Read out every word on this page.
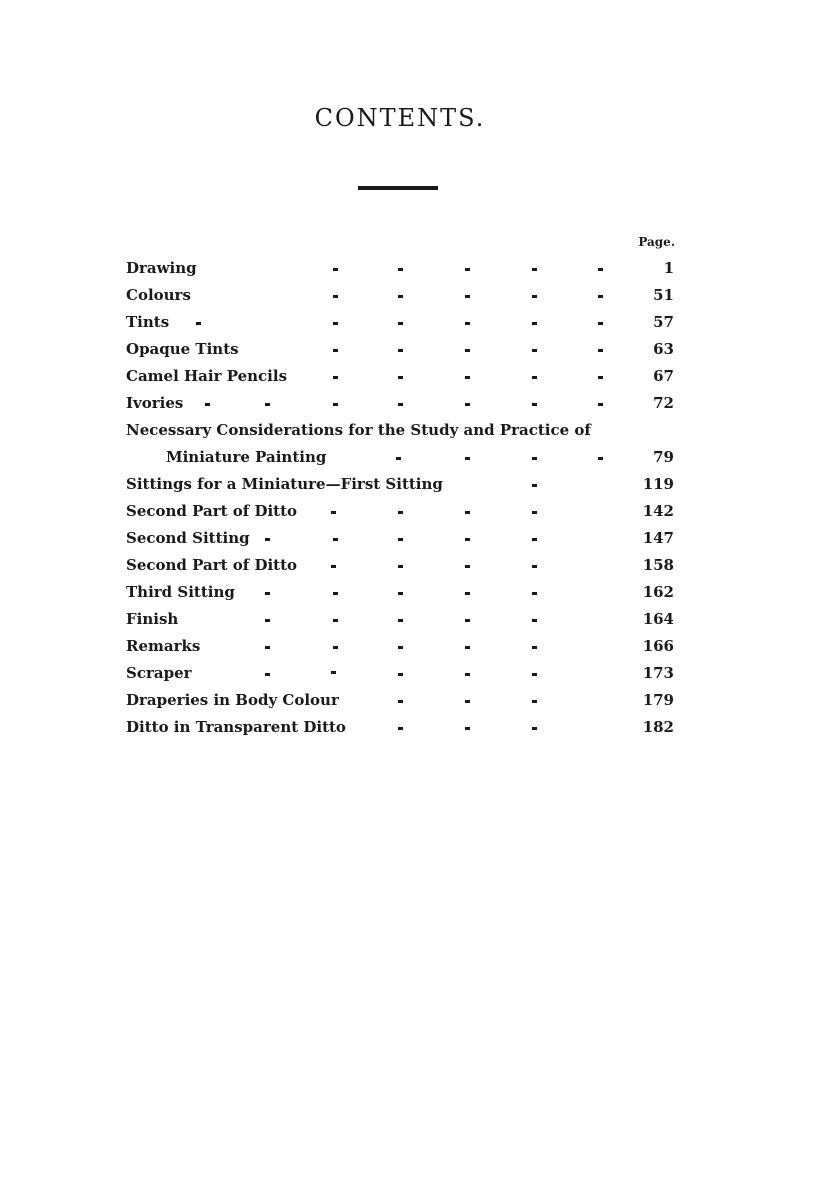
CONTENTS.
Page.
Drawing	1
Colours	51
Tints	57
Opaque Tints	63
Camel Hair Pencils	67
Ivories	72
Necessary Considerations for the Study and Practice of
Miniature Painting	79
Sittings for a Miniature—First Sitting	119
Second Part of Ditto	142
Second Sitting	147
Second Part of Ditto	158
Third Sitting	162
Finish	164
Remarks	166
Scraper	173
Draperies in Body Colour	179
Ditto in Transparent Ditto	182
